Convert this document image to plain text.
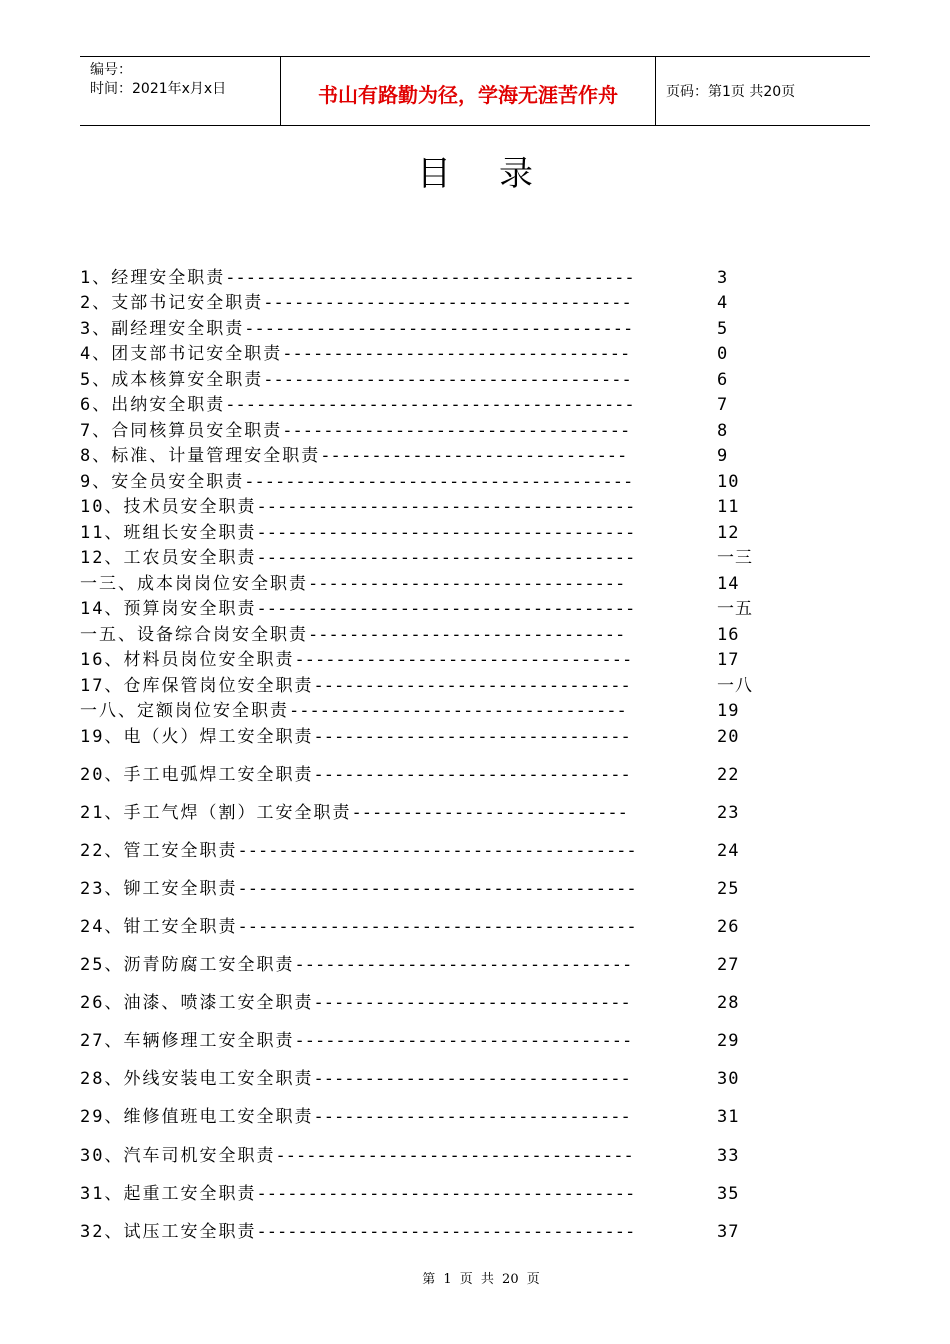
编号：
时间：2021年x月x日	书山有路勤为径，学海无涯苦作舟	页码：第1页 共20页
目录
1、经理安全职责----------------------------------------	3
2、支部书记安全职责------------------------------------	4
3、副经理安全职责--------------------------------------	5
4、团支部书记安全职责----------------------------------	0
5、成本核算安全职责------------------------------------	6
6、出纳安全职责----------------------------------------	7
7、合同核算员安全职责----------------------------------	8
8、标准、计量管理安全职责------------------------------	9
9、安全员安全职责--------------------------------------	10
10、技术员安全职责-------------------------------------	11
11、班组长安全职责-------------------------------------	12
12、工农员安全职责-------------------------------------	一三
一三、成本岗岗位安全职责-------------------------------	14
14、预算岗安全职责-------------------------------------	一五
一五、设备综合岗安全职责-------------------------------	16
16、材料员岗位安全职责---------------------------------	17
17、仓库保管岗位安全职责-------------------------------	一八
一八、定额岗位安全职责---------------------------------	19
19、电（火）焊工安全职责-------------------------------	20
20、手工电弧焊工安全职责-------------------------------	22
21、手工气焊（割）工安全职责---------------------------	23
22、管工安全职责---------------------------------------	24
23、铆工安全职责---------------------------------------	25
24、钳工安全职责---------------------------------------	26
25、沥青防腐工安全职责---------------------------------	27
26、油漆、喷漆工安全职责-------------------------------	28
27、车辆修理工安全职责---------------------------------	29
28、外线安装电工安全职责-------------------------------	30
29、维修值班电工安全职责-------------------------------	31
30、汽车司机安全职责-----------------------------------	33
31、起重工安全职责-------------------------------------	35
32、试压工安全职责-------------------------------------	37
第 1 页 共 20 页
